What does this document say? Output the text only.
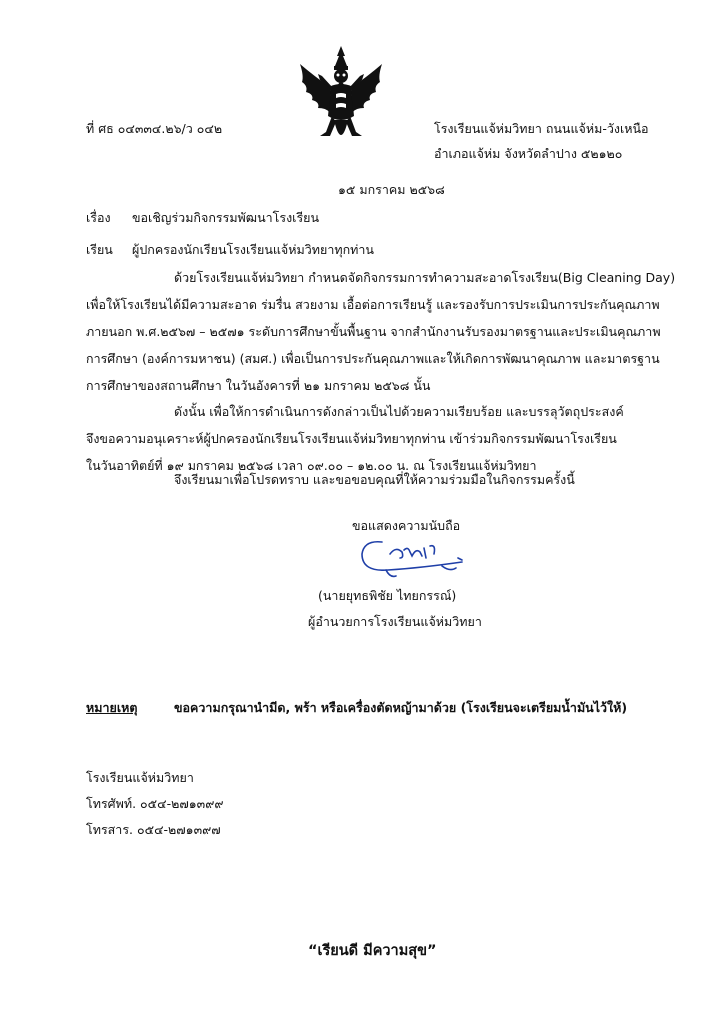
ที่ ศธ ๐๔๓๓๔.๒๖/ว ๐๔๒	โรงเรียนแจ้ห่มวิทยา ถนนแจ้ห่ม-วังเหนือ
อำเภอแจ้ห่ม จังหวัดลำปาง ๕๒๑๒๐
๑๕ มกราคม ๒๕๖๘
เรื่อง ขอเชิญร่วมกิจกรรมพัฒนาโรงเรียน
เรียน ผู้ปกครองนักเรียนโรงเรียนแจ้ห่มวิทยาทุกท่าน
ด้วยโรงเรียนแจ้ห่มวิทยา กำหนดจัดกิจกรรมการทำความสะอาดโรงเรียน(Big Cleaning Day)
เพื่อให้โรงเรียนได้มีความสะอาด ร่มรื่น สวยงาม เอื้อต่อการเรียนรู้ และรองรับการประเมินการประกันคุณภาพ
ภายนอก พ.ศ.๒๕๖๗ – ๒๕๗๑ ระดับการศึกษาขั้นพื้นฐาน จากสำนักงานรับรองมาตรฐานและประเมินคุณภาพ
การศึกษา (องค์การมหาชน) (สมศ.) เพื่อเป็นการประกันคุณภาพและให้เกิดการพัฒนาคุณภาพ และมาตรฐาน
การศึกษาของสถานศึกษา ในวันอังคารที่ ๒๑ มกราคม ๒๕๖๘ นั้น
ดังนั้น เพื่อให้การดำเนินการดังกล่าวเป็นไปด้วยความเรียบร้อย และบรรลุวัตถุประสงค์
จึงขอความอนุเคราะห์ผู้ปกครองนักเรียนโรงเรียนแจ้ห่มวิทยาทุกท่าน เข้าร่วมกิจกรรมพัฒนาโรงเรียน
ในวันอาทิตย์ที่ ๑๙ มกราคม ๒๕๖๘ เวลา ๐๙.๐๐ – ๑๒.๐๐ น. ณ โรงเรียนแจ้ห่มวิทยา
จึงเรียนมาเพื่อโปรดทราบ และขอขอบคุณที่ให้ความร่วมมือในกิจกรรมครั้งนี้
ขอแสดงความนับถือ
(นายยุทธพิชัย ไทยกรรณ์)
ผู้อำนวยการโรงเรียนแจ้ห่มวิทยา
หมายเหตุ	ขอความกรุณานำมีด, พร้า หรือเครื่องตัดหญ้ามาด้วย (โรงเรียนจะเตรียมน้ำมันไว้ให้)
โรงเรียนแจ้ห่มวิทยา
โทรศัพท์. ๐๕๔-๒๗๑๓๙๙
โทรสาร. ๐๕๔-๒๗๑๓๙๗
“เรียนดี มีความสุข”
